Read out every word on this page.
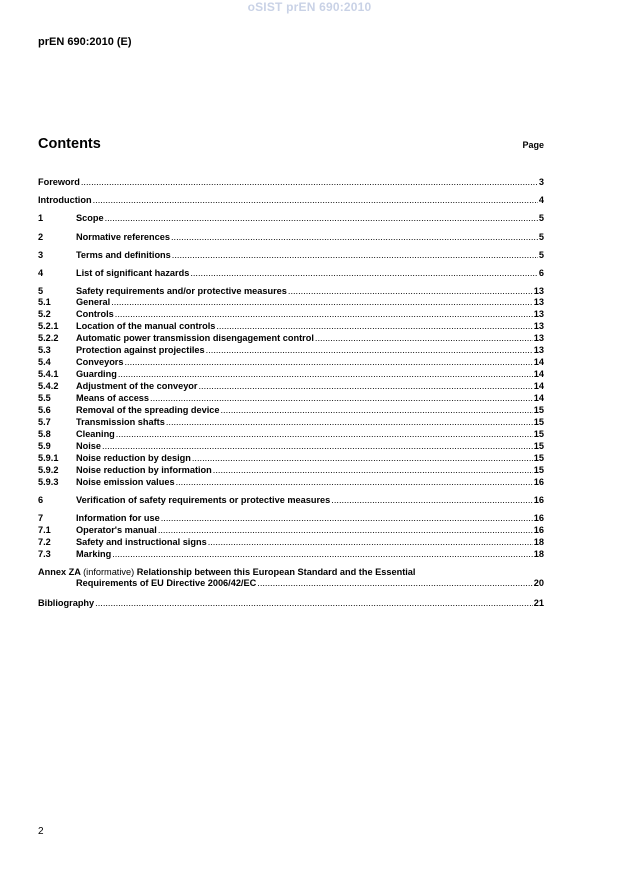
oSIST prEN 690:2010
prEN 690:2010 (E)
Contents	Page
Foreword .....	3
Introduction .....	4
1	Scope .....	5
2	Normative references .....	5
3	Terms and definitions .....	5
4	List of significant hazards .....	6
5	Safety requirements and/or protective measures .....	13
5.1	General .....	13
5.2	Controls .....	13
5.2.1	Location of the manual controls .....	13
5.2.2	Automatic power transmission disengagement control .....	13
5.3	Protection against projectiles .....	13
5.4	Conveyors .....	14
5.4.1	Guarding .....	14
5.4.2	Adjustment of the conveyor .....	14
5.5	Means of access .....	14
5.6	Removal of the spreading device .....	15
5.7	Transmission shafts .....	15
5.8	Cleaning .....	15
5.9	Noise .....	15
5.9.1	Noise reduction by design .....	15
5.9.2	Noise reduction by information .....	15
5.9.3	Noise emission values .....	16
6	Verification of safety requirements or protective measures .....	16
7	Information for use .....	16
7.1	Operator's manual .....	16
7.2	Safety and instructional signs .....	18
7.3	Marking .....	18
Annex ZA (informative) Relationship between this European Standard and the Essential
Requirements of EU Directive 2006/42/EC .....	20
Bibliography .....	21
2
